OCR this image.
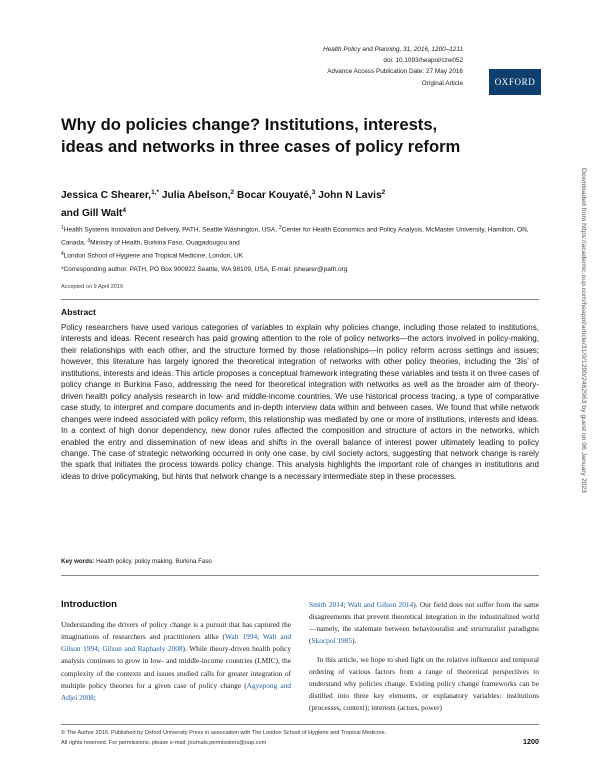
Health Policy and Planning, 31, 2016, 1200–1211
doi: 10.1093/heapol/czw052
Advance Access Publication Date: 27 May 2016
Original Article	OXFORD
Why do policies change? Institutions, interests, ideas and networks in three cases of policy reform
Jessica C Shearer,$^{1,*}$ Julia Abelson,$^2$ Bocar Kouyaté,$^3$ John N Lavis$^2$
and Gill Walt$^4$
$^1$Health Systems Innovation and Delivery, PATH, Seattle Washington, USA, $^2$Center for Health Economics and Policy Analysis, McMaster University, Hamilton, ON, Canada, $^3$Ministry of Health, Burkina Faso, Ouagadougou and
$^4$London School of Hygiene and Tropical Medicine, London, UK
*Corresponding author. PATH, PO Box 900922 Seattle, WA 98109, USA, E-mail: jshearer@path.org
Accepted on 9 April 2016
Abstract
Policy researchers have used various categories of variables to explain why policies change, including those related to institutions, interests and ideas. Recent research has paid growing attention to the role of policy networks—the actors involved in policy-making, their relationships with each other, and the structure formed by those relationships—in policy reform across settings and issues; however, this literature has largely ignored the theoretical integration of networks with other policy theories, including the ‘3Is’ of institutions, interests and ideas. This article proposes a conceptual framework integrating these variables and tests it on three cases of policy change in Burkina Faso, addressing the need for theoretical integration with networks as well as the broader aim of theory-driven health policy analysis research in low- and middle-income countries. We use historical process tracing, a type of comparative case study, to interpret and compare documents and in-depth interview data within and between cases. We found that while network changes were indeed associated with policy reform, this relationship was mediated by one or more of institutions, interests and ideas. In a context of high donor dependency, new donor rules affected the composition and structure of actors in the networks, which enabled the entry and dissemination of new ideas and shifts in the overall balance of interest power ultimately leading to policy change. The case of strategic networking occurred in only one case, by civil society actors, suggesting that network change is rarely the spark that initiates the process towards policy change. This analysis highlights the important role of changes in institutions and ideas to drive policymaking, but hints that network change is a necessary intermediate step in these processes.
Key words: Health policy, policy making, Burkina Faso
Introduction

Understanding the drivers of policy change is a pursuit that has captured the imaginations of researchers and practitioners alike (Walt 1994; Walt and Gilson 1994; Gilson and Raphaely 2008). While theory-driven health policy analysis continues to grow in low- and middle-income countries (LMIC), the complexity of the contexts and issues studied calls for greater integration of multiple policy theories for a given case of policy change (Agyepong and Adjei 2008;

Smith 2014; Walt and Gilson 2014). Our field does not suffer from the same disagreements that prevent theoretical integration in the industrialized world—namely, the stalemate between behaviouralist and structuralist paradigms (Skocpol 1985).

In this article, we hope to shed light on the relative influence and temporal ordering of various factors from a range of theoretical perspectives to understand why policies change. Existing policy change frameworks can be distilled into three key elements, or explanatory variables: institutions (processes, context); interests (actors, power)

© The Author 2016. Published by Oxford University Press in association with The London School of Hygiene and Tropical Medicine.
All rights reserved. For permissions, please e-mail: journals.permissions@oup.com	1200
Downloaded from https://academic.oup.com/heapol/article/31/9/1200/2462963 by guest on 06 January 2023
